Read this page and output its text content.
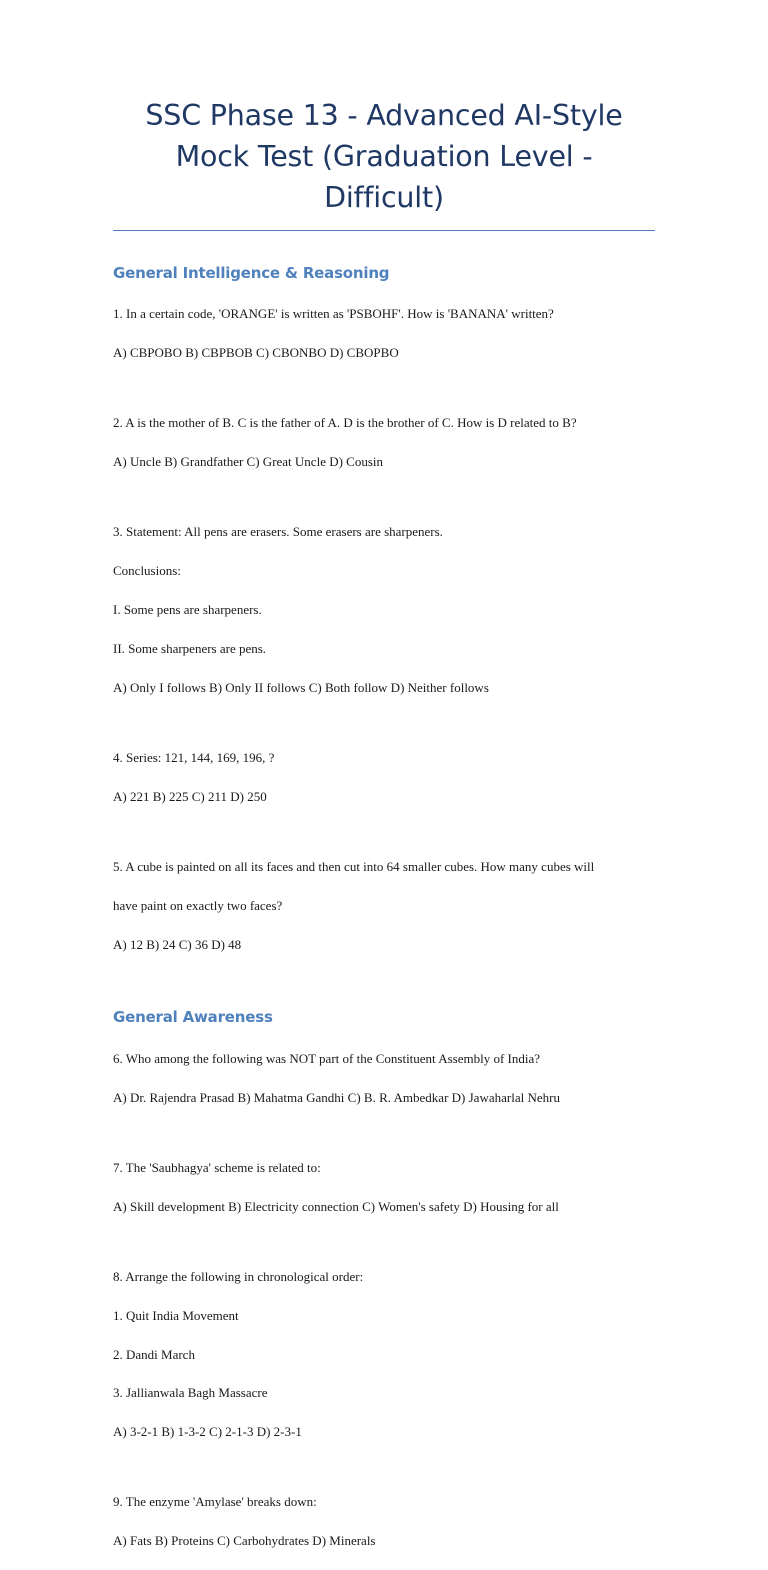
SSC Phase 13 - Advanced AI-Style Mock Test (Graduation Level - Difficult)
General Intelligence & Reasoning

1. In a certain code, 'ORANGE' is written as 'PSBOHF'. How is 'BANANA' written?

A) CBPOBO B) CBPBOB C) CBONBO D) CBOPBO

2. A is the mother of B. C is the father of A. D is the brother of C. How is D related to B?

A) Uncle B) Grandfather C) Great Uncle D) Cousin

3. Statement: All pens are erasers. Some erasers are sharpeners.

Conclusions:

I. Some pens are sharpeners.

II. Some sharpeners are pens.

A) Only I follows B) Only II follows C) Both follow D) Neither follows

4. Series: 121, 144, 169, 196, ?

A) 221 B) 225 C) 211 D) 250

5. A cube is painted on all its faces and then cut into 64 smaller cubes. How many cubes will

have paint on exactly two faces?

A) 12 B) 24 C) 36 D) 48

General Awareness

6. Who among the following was NOT part of the Constituent Assembly of India?

A) Dr. Rajendra Prasad B) Mahatma Gandhi C) B. R. Ambedkar D) Jawaharlal Nehru

7. The 'Saubhagya' scheme is related to:

A) Skill development B) Electricity connection C) Women's safety D) Housing for all

8. Arrange the following in chronological order:

1. Quit India Movement

2. Dandi March

3. Jallianwala Bagh Massacre

A) 3-2-1 B) 1-3-2 C) 2-1-3 D) 2-3-1

9. The enzyme 'Amylase' breaks down:

A) Fats B) Proteins C) Carbohydrates D) Minerals
